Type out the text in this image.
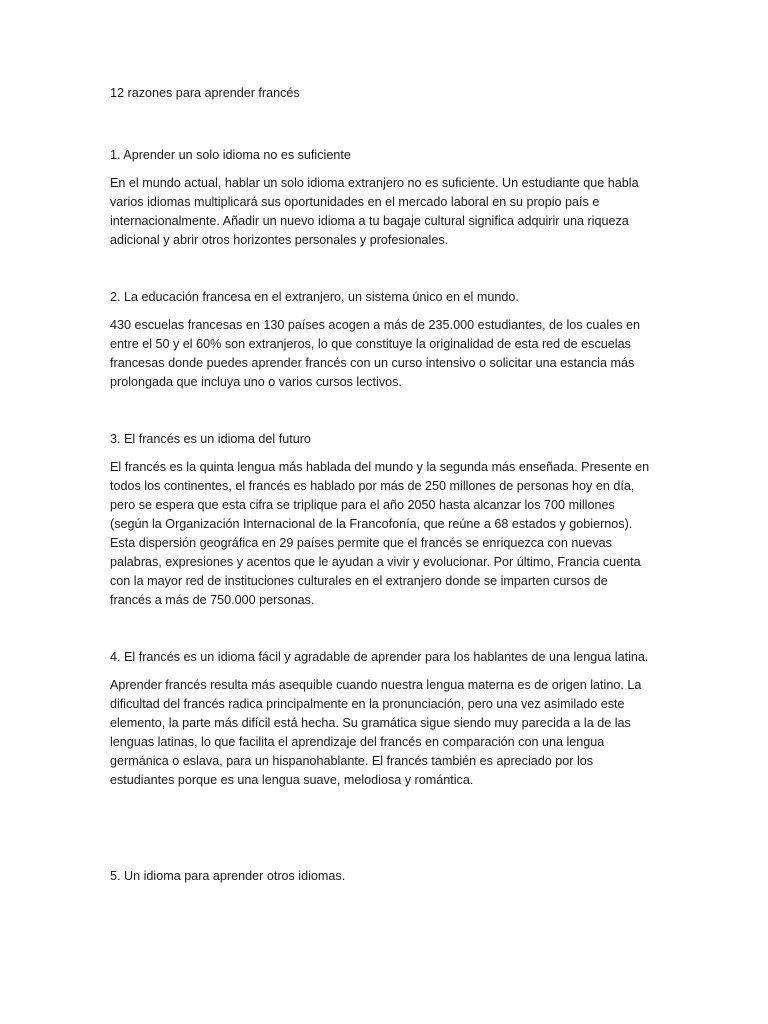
12 razones para aprender francés

1. Aprender un solo idioma no es suficiente

En el mundo actual, hablar un solo idioma extranjero no es suficiente. Un estudiante que habla varios idiomas multiplicará sus oportunidades en el mercado laboral en su propio país e internacionalmente. Añadir un nuevo idioma a tu bagaje cultural significa adquirir una riqueza adicional y abrir otros horizontes personales y profesionales.

2. La educación francesa en el extranjero, un sistema único en el mundo.

430 escuelas francesas en 130 países acogen a más de 235.000 estudiantes, de los cuales en entre el 50 y el 60% son extranjeros, lo que constituye la originalidad de esta red de escuelas francesas donde puedes aprender francés con un curso intensivo o solicitar una estancia más prolongada que incluya uno o varios cursos lectivos.

3. El francés es un idioma del futuro

El francés es la quinta lengua más hablada del mundo y la segunda más enseñada. Presente en todos los continentes, el francés es hablado por más de 250 millones de personas hoy en día, pero se espera que esta cifra se triplique para el año 2050 hasta alcanzar los 700 millones (según la Organización Internacional de la Francofonía, que reúne a 68 estados y gobiernos). Esta dispersión geográfica en 29 países permite que el francés se enriquezca con nuevas palabras, expresiones y acentos que le ayudan a vivir y evolucionar. Por último, Francia cuenta con la mayor red de instituciones culturales en el extranjero donde se imparten cursos de francés a más de 750.000 personas.

4. El francés es un idioma fácil y agradable de aprender para los hablantes de una lengua latina.

Aprender francés resulta más asequible cuando nuestra lengua materna es de origen latino. La dificultad del francés radica principalmente en la pronunciación, pero una vez asimilado este elemento, la parte más difícil está hecha. Su gramática sigue siendo muy parecida a la de las lenguas latinas, lo que facilita el aprendizaje del francés en comparación con una lengua germánica o eslava, para un hispanohablante. El francés también es apreciado por los estudiantes porque es una lengua suave, melodiosa y romántica.

5. Un idioma para aprender otros idiomas.
